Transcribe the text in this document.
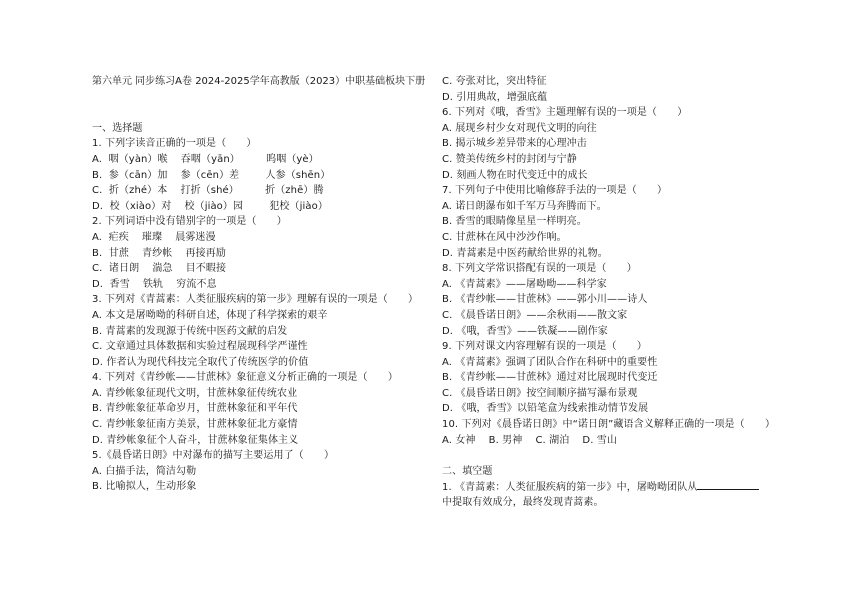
第六单元 同步练习A卷 2024-2025学年高教版（2023）中职基础板块下册
一、选择题
1. 下列字读音正确的一项是（　　）
A.  咽（yàn）喉    吞咽（yān）        呜咽（yè）
B.  参（cān）加    参（cēn）差        人参（shēn）
C.  折（zhé）本    打折（shé）        折（zhē）腾
D.  校（xiào）对    校（jiào）园        犯校（jiào）
2. 下列词语中没有错别字的一项是（　　）
A.  疟疾    璀璨    晨雾迷漫
B.  甘蔗    青纱帐    再接再励
C.  诸日朗    湍急    目不暇接
D.  香雪    铁轨    穷流不息
3. 下列对《青蒿素：人类征服疾病的第一步》理解有误的一项是（　　）
A. 本文是屠呦呦的科研自述，体现了科学探索的艰辛
B. 青蒿素的发现源于传统中医药文献的启发
C. 文章通过具体数据和实验过程展现科学严谨性
D. 作者认为现代科技完全取代了传统医学的价值
4. 下列对《青纱帐——甘蔗林》象征意义分析正确的一项是（　　）
A. 青纱帐象征现代文明，甘蔗林象征传统农业
B. 青纱帐象征革命岁月，甘蔗林象征和平年代
C. 青纱帐象征南方美景，甘蔗林象征北方豪情
D. 青纱帐象征个人奋斗，甘蔗林象征集体主义
5.《晨昏诺日朗》中对瀑布的描写主要运用了（　　）
A. 白描手法，简洁勾勒
B. 比喻拟人，生动形象
C. 夸张对比，突出特征
D. 引用典故，增强底蕴
6. 下列对《哦，香雪》主题理解有误的一项是（　　）
A. 展现乡村少女对现代文明的向往
B. 揭示城乡差异带来的心理冲击
C. 赞美传统乡村的封闭与宁静
D. 刻画人物在时代变迁中的成长
7. 下列句子中使用比喻修辞手法的一项是（　　）
A. 诺日朗瀑布如千军万马奔腾而下。
B. 香雪的眼睛像星星一样明亮。
C. 甘蔗林在风中沙沙作响。
D. 青蒿素是中医药献给世界的礼物。
8. 下列文学常识搭配有误的一项是（　　）
A. 《青蒿素》——屠呦呦——科学家
B. 《青纱帐——甘蔗林》——郭小川——诗人
C. 《晨昏诺日朗》——余秋雨——散文家
D. 《哦，香雪》——铁凝——剧作家
9. 下列对课文内容理解有误的一项是（　　）
A. 《青蒿素》强调了团队合作在科研中的重要性
B. 《青纱帐——甘蔗林》通过对比展现时代变迁
C. 《晨昏诺日朗》按空间顺序描写瀑布景观
D. 《哦，香雪》以铅笔盒为线索推动情节发展
10. 下列对《晨昏诺日朗》中“诺日朗”藏语含义解释正确的一项是（　　）
A. 女神    B. 男神    C. 湖泊    D. 雪山
二、填空题
1. 《青蒿素：人类征服疾病的第一步》中，屠呦呦团队从
中提取有效成分，最终发现青蒿素。
